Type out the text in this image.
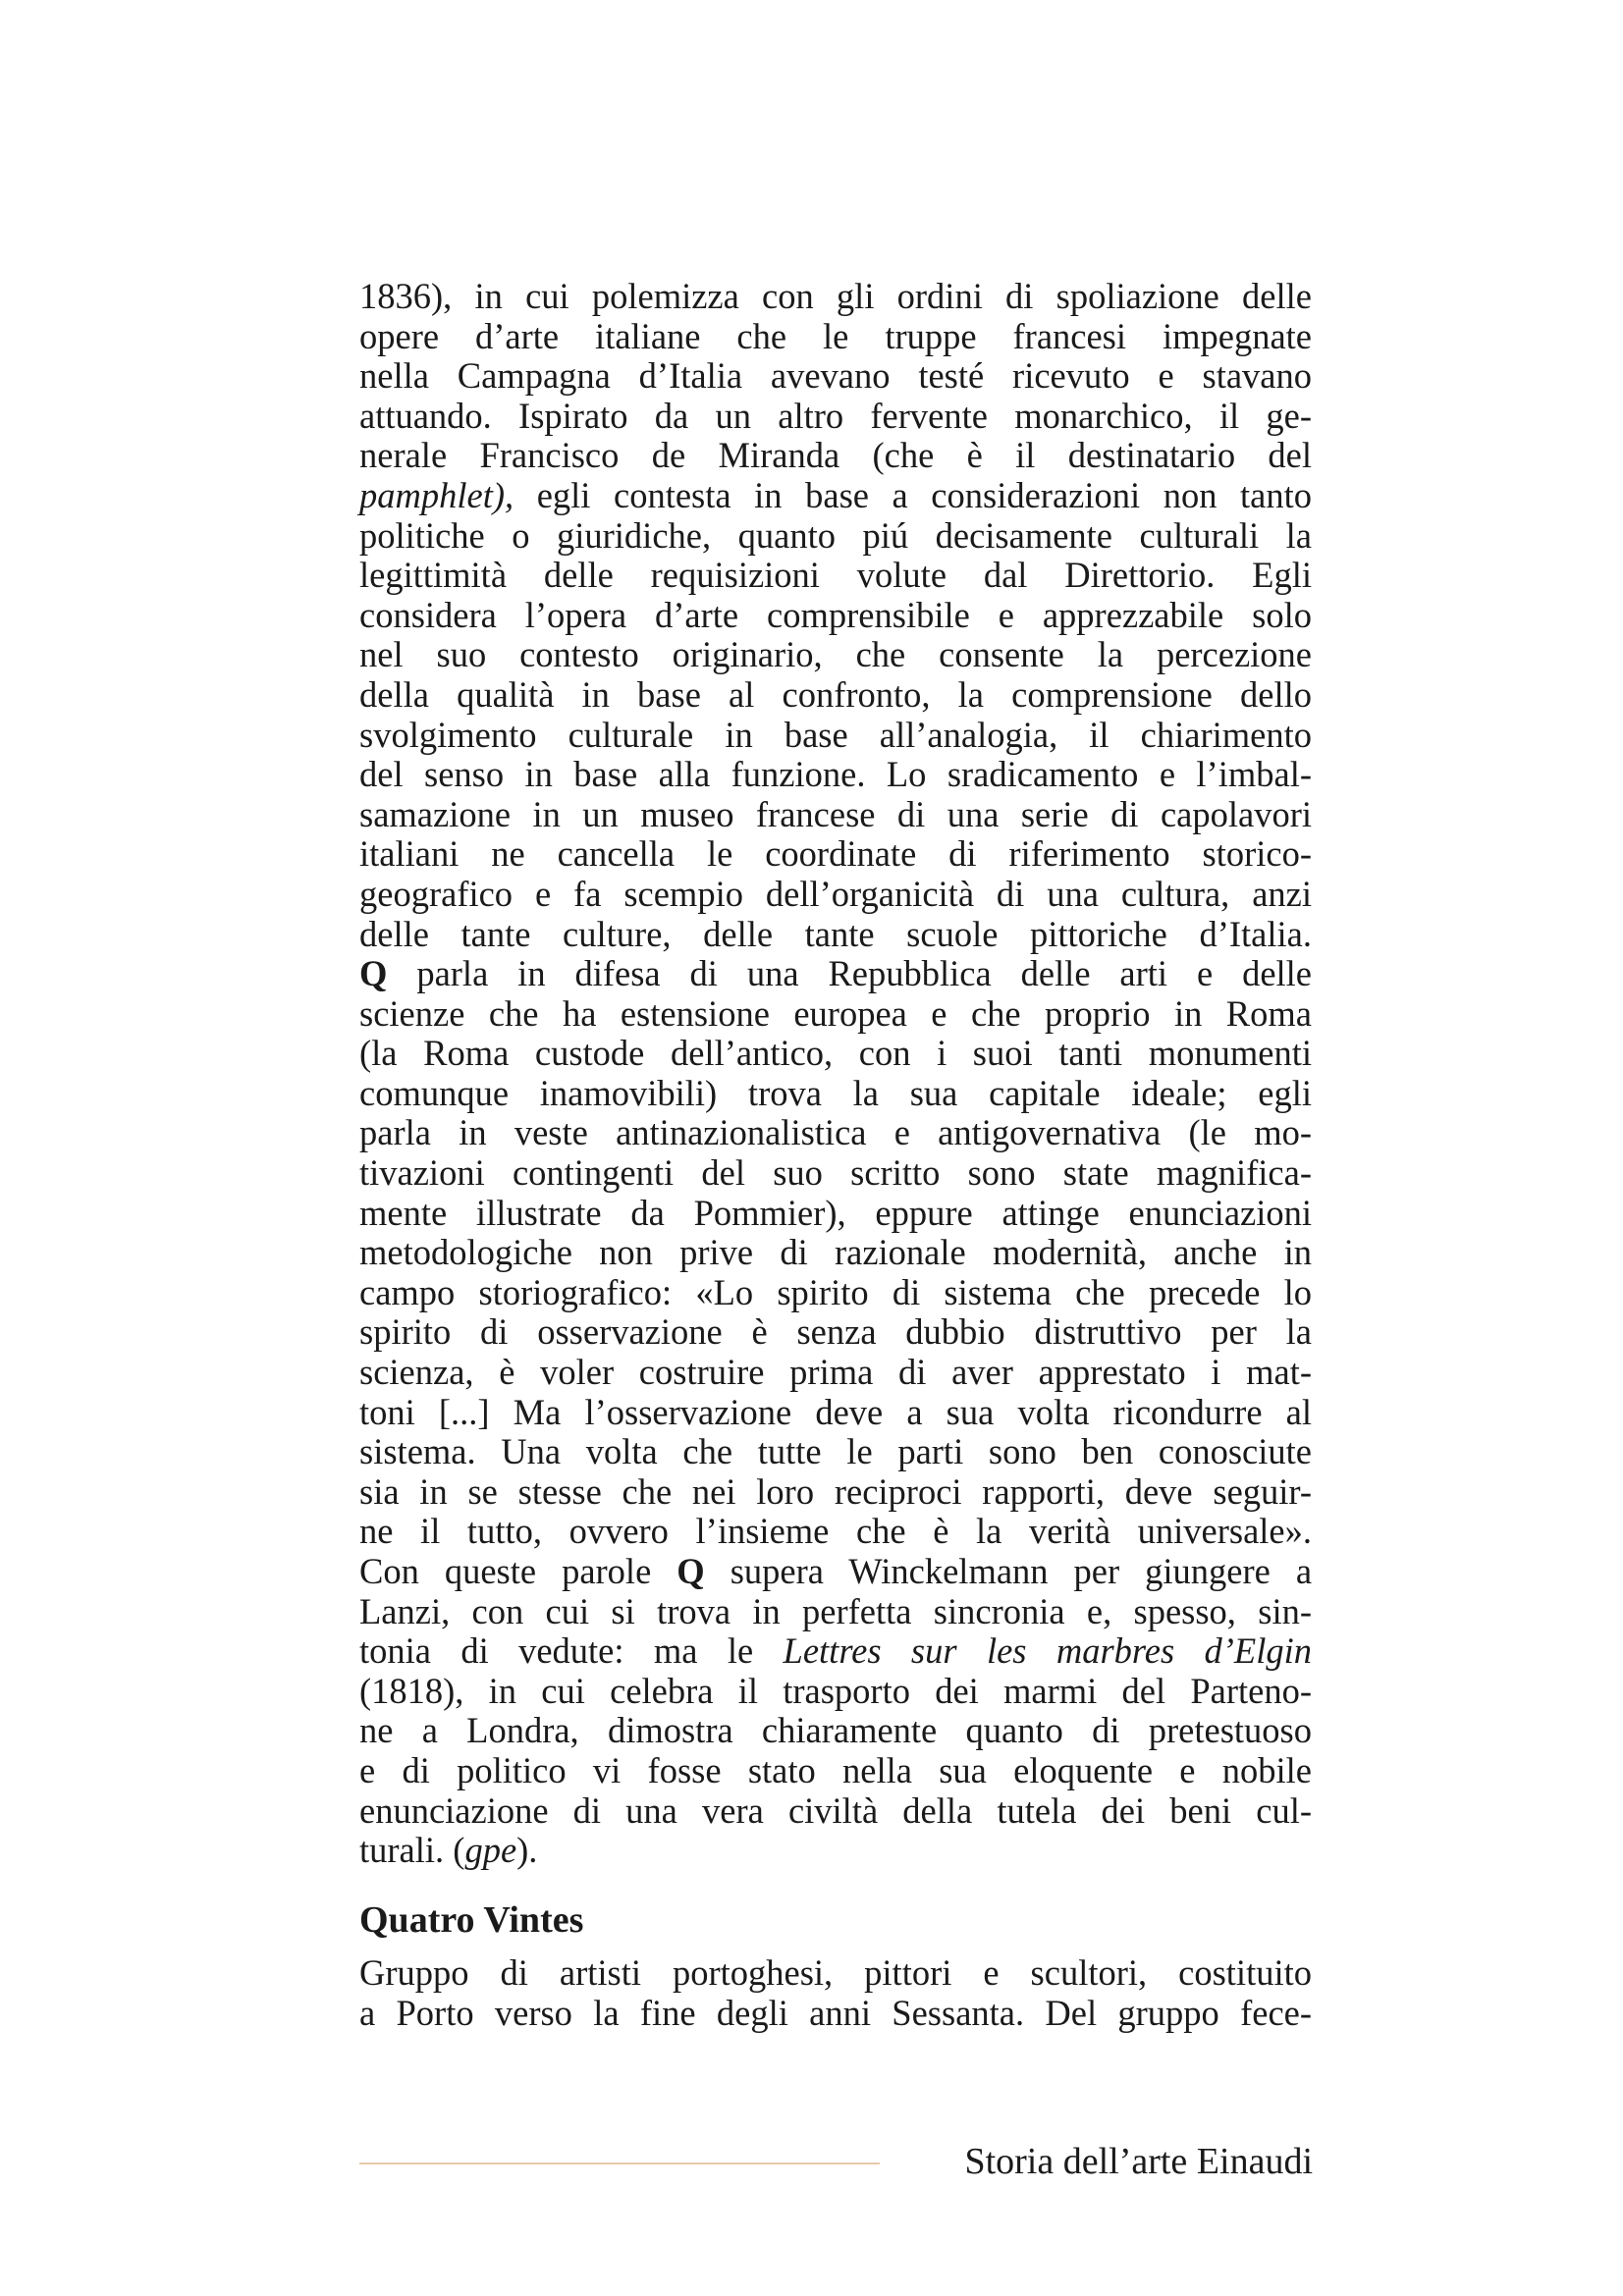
1836), in cui polemizza con gli ordini di spoliazione delle
opere d’arte italiane che le truppe francesi impegnate
nella Campagna d’Italia avevano testé ricevuto e stavano
attuando. Ispirato da un altro fervente monarchico, il ge-
nerale Francisco de Miranda (che è il destinatario del
pamphlet), egli contesta in base a considerazioni non tanto
politiche o giuridiche, quanto piú decisamente culturali la
legittimità delle requisizioni volute dal Direttorio. Egli
considera l’opera d’arte comprensibile e apprezzabile solo
nel suo contesto originario, che consente la percezione
della qualità in base al confronto, la comprensione dello
svolgimento culturale in base all’analogia, il chiarimento
del senso in base alla funzione. Lo sradicamento e l’imbal-
samazione in un museo francese di una serie di capolavori
italiani ne cancella le coordinate di riferimento storico-
geografico e fa scempio dell’organicità di una cultura, anzi
delle tante culture, delle tante scuole pittoriche d’Italia.
Q parla in difesa di una Repubblica delle arti e delle
scienze che ha estensione europea e che proprio in Roma
(la Roma custode dell’antico, con i suoi tanti monumenti
comunque inamovibili) trova la sua capitale ideale; egli
parla in veste antinazionalistica e antigovernativa (le mo-
tivazioni contingenti del suo scritto sono state magnifica-
mente illustrate da Pommier), eppure attinge enunciazioni
metodologiche non prive di razionale modernità, anche in
campo storiografico: «Lo spirito di sistema che precede lo
spirito di osservazione è senza dubbio distruttivo per la
scienza, è voler costruire prima di aver apprestato i mat-
toni [...] Ma l’osservazione deve a sua volta ricondurre al
sistema. Una volta che tutte le parti sono ben conosciute
sia in se stesse che nei loro reciproci rapporti, deve seguir-
ne il tutto, ovvero l’insieme che è la verità universale».
Con queste parole Q supera Winckelmann per giungere a
Lanzi, con cui si trova in perfetta sincronia e, spesso, sin-
tonia di vedute: ma le Lettres sur les marbres d’Elgin
(1818), in cui celebra il trasporto dei marmi del Partenо-
ne a Londra, dimostra chiaramente quanto di pretestuoso
e di politico vi fosse stato nella sua eloquente e nobile
enunciazione di una vera civiltà della tutela dei beni cul-
turali. (gpe).
Quatro Vintes
Gruppo di artisti portoghesi, pittori e scultori, costituito
a Porto verso la fine degli anni Sessanta. Del gruppo fece-
Storia dell’arte Einaudi
